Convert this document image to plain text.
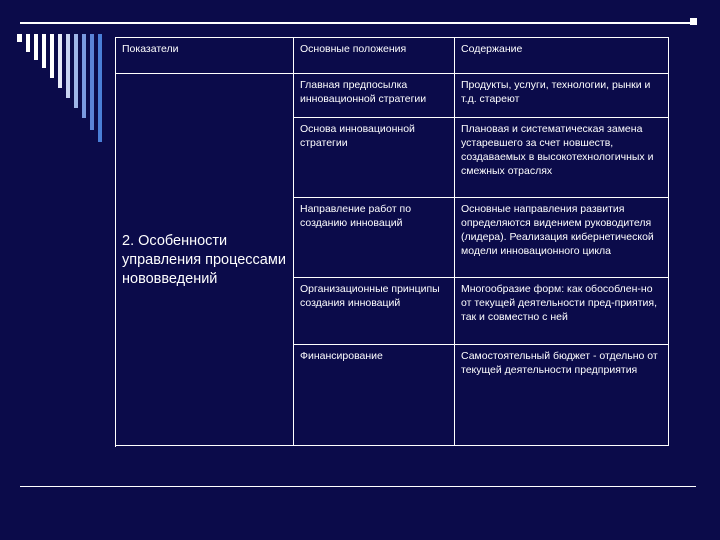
Показатели	Основные положения	Содержание
2. Особенности управления процессами нововведений	Главная предпосылка инновационной стратегии	Продукты, услуги, технологии, рынки и т.д. стареют
	Основа инновационной стратегии	Плановая и систематическая замена устаревшего за счет новшеств, создаваемых в высокотехнологичных и смежных отраслях
	Направление работ по созданию инноваций	Основные направления развития определяются видением руководителя (лидера). Реализация кибернетической модели инновационного цикла
	Организационные принципы создания инноваций	Многообразие форм: как обособлен-но от текущей деятельности пред-приятия, так и совместно с ней
	Финансирование	Самостоятельный бюджет - отдельно от текущей деятельности предприятия
